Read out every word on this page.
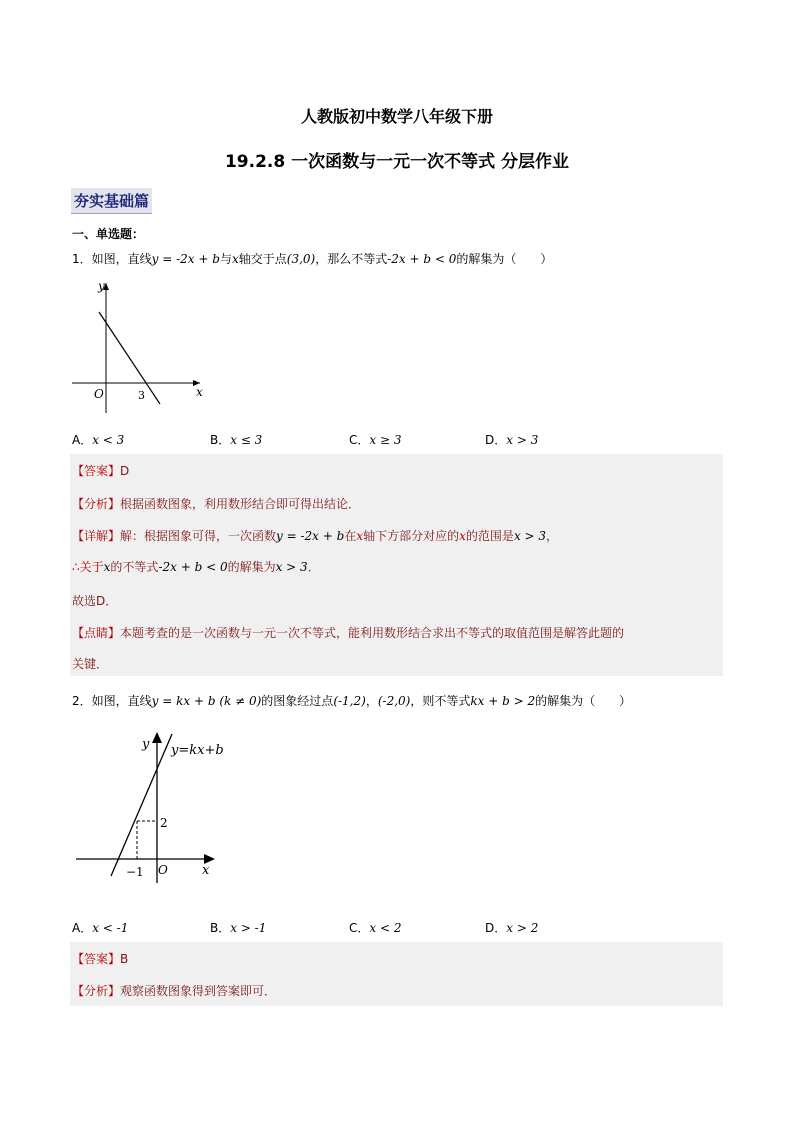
人教版初中数学八年级下册
19.2.8 一次函数与一元一次不等式 分层作业
夯实基础篇
一、单选题：
1．如图，直线y = -2x + b与x轴交于点(3,0)，那么不等式-2x + b < 0的解集为（　　）
y
x
O	3
A．x < 3	B．x ≤ 3	C．x ≥ 3	D．x > 3
【答案】D
【分析】根据函数图象，利用数形结合即可得出结论．
【详解】解：根据图象可得，一次函数y = -2x + b在x轴下方部分对应的x的范围是x > 3，
∴关于x的不等式-2x + b < 0的解集为x > 3．
故选D．
【点睛】本题考查的是一次函数与一元一次不等式，能利用数形结合求出不等式的取值范围是解答此题的
关键．
2．如图，直线y = kx + b (k ≠ 0)的图象经过点(-1,2)，(-2,0)，则不等式kx + b > 2的解集为（　　）
y y=kx+b
2
−1 O	x
A．x < -1	B．x > -1	C．x < 2	D．x > 2
【答案】B
【分析】观察函数图象得到答案即可．
